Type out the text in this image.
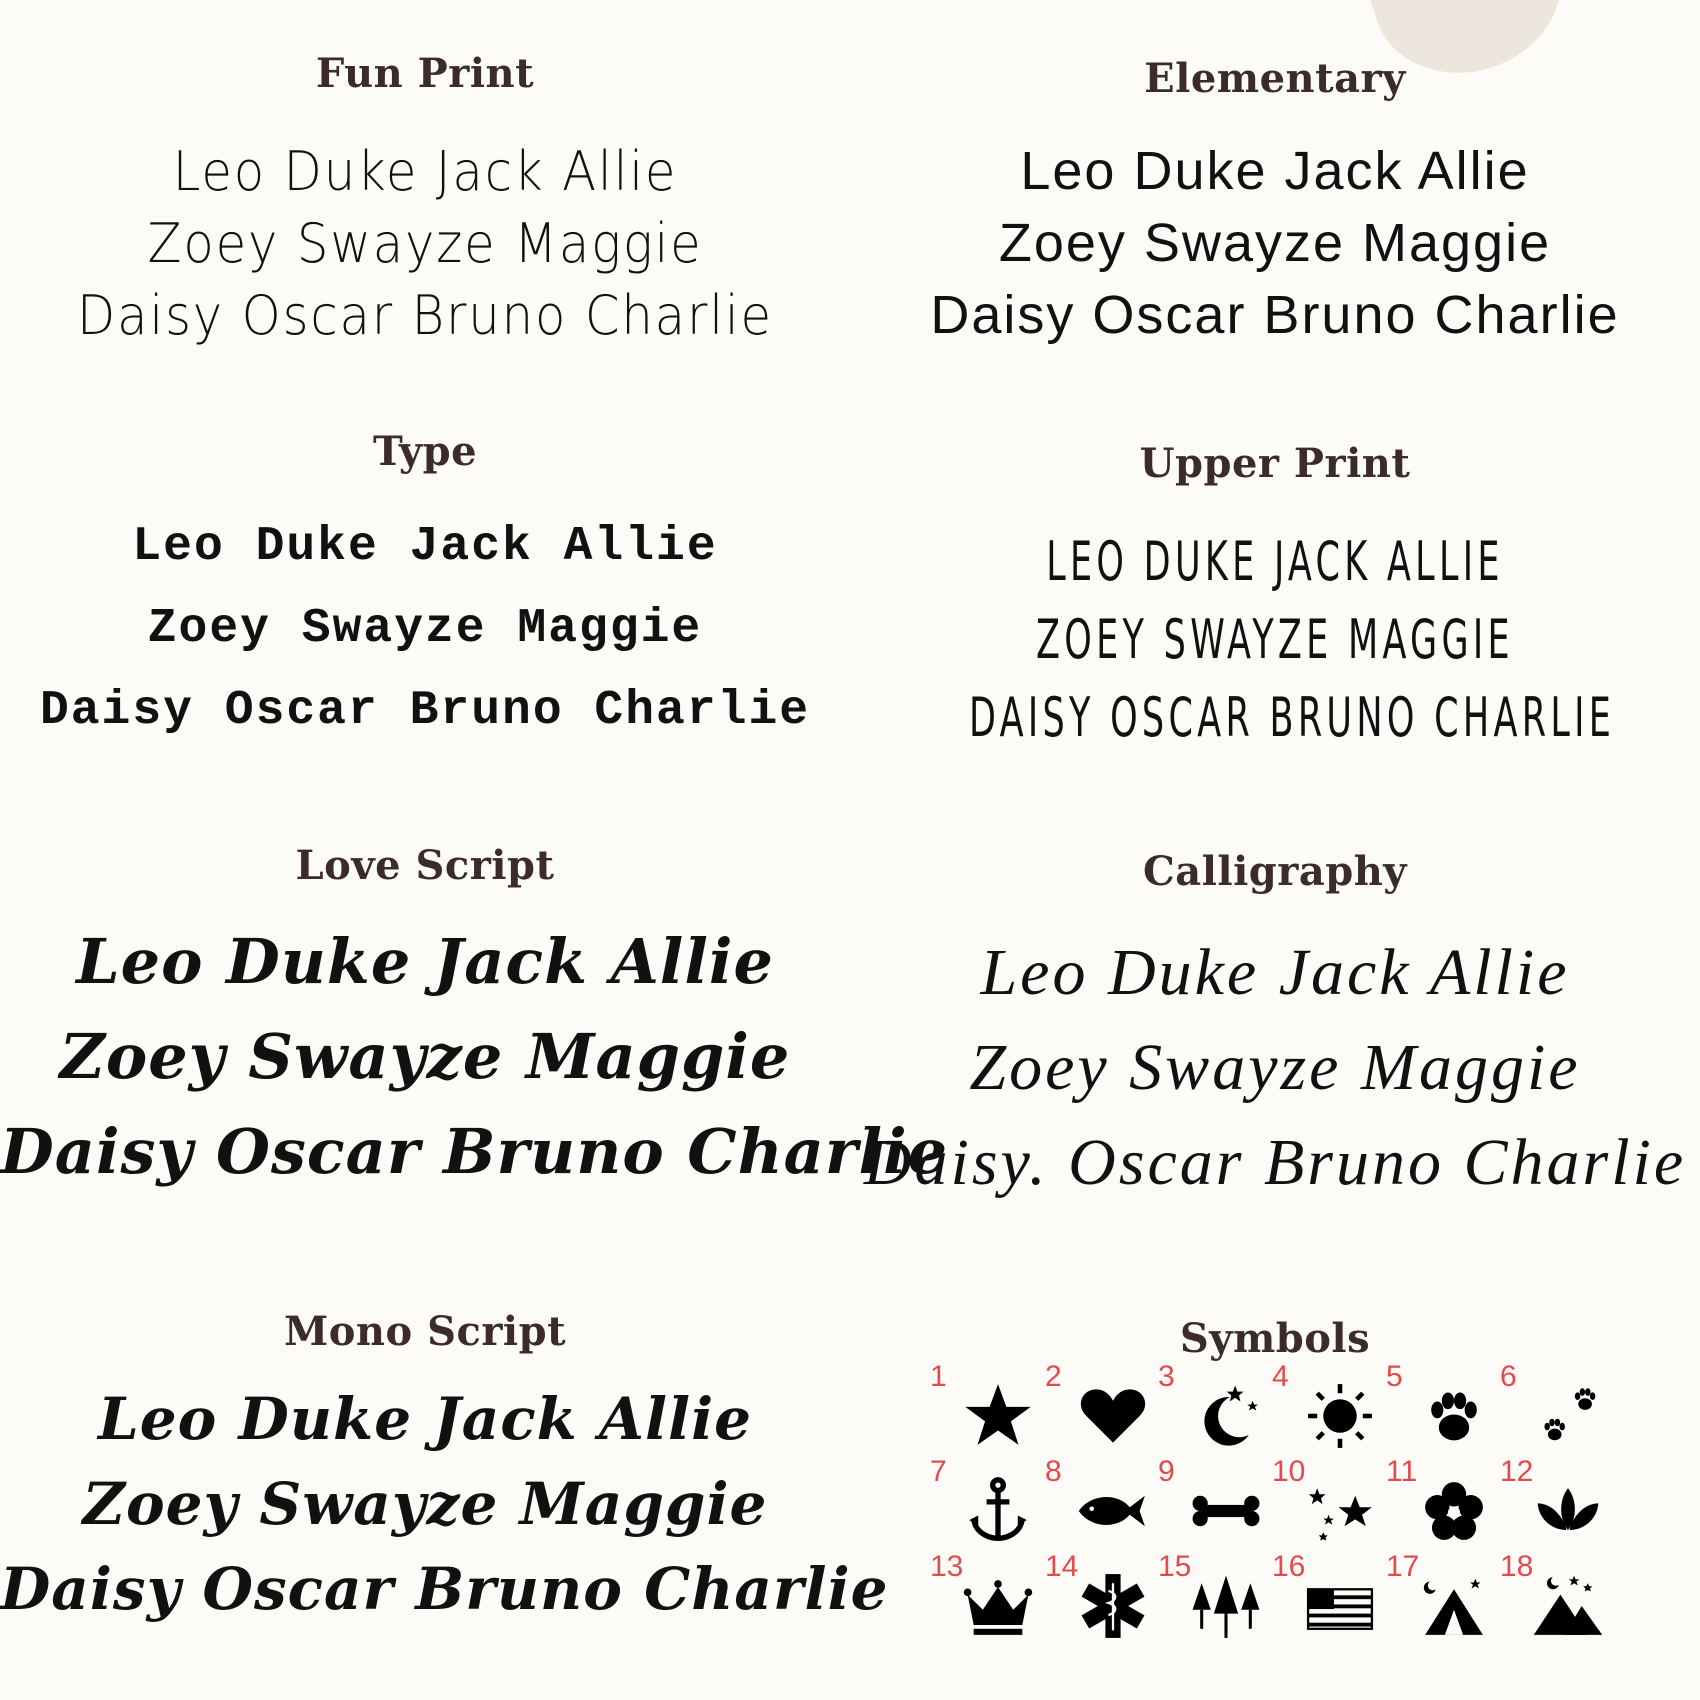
Fun Print
Leo Duke Jack Allie
Zoey Swayze Maggie
Daisy Oscar Bruno Charlie
Elementary
Leo Duke Jack Allie
Zoey Swayze Maggie
Daisy Oscar Bruno Charlie
Type
Leo Duke Jack Allie
Zoey Swayze Maggie
Daisy Oscar Bruno Charlie
Upper Print
LEO DUKE JACK ALLIE
ZOEY SWAYZE MAGGIE
DAISY OSCAR BRUNO CHARLIE
Love Script
Leo Duke Jack Allie
Zoey Swayze Maggie
Daisy Oscar Bruno Charlie
Calligraphy
Leo Duke Jack Allie
Zoey Swayze Maggie
Daisy. Oscar Bruno Charlie
Mono Script
Leo Duke Jack Allie
Zoey Swayze Maggie
Daisy Oscar Bruno Charlie
Symbols
1	2	3	4	5	6
7	8	9	10	11	12
13	14	15	16	17	18
